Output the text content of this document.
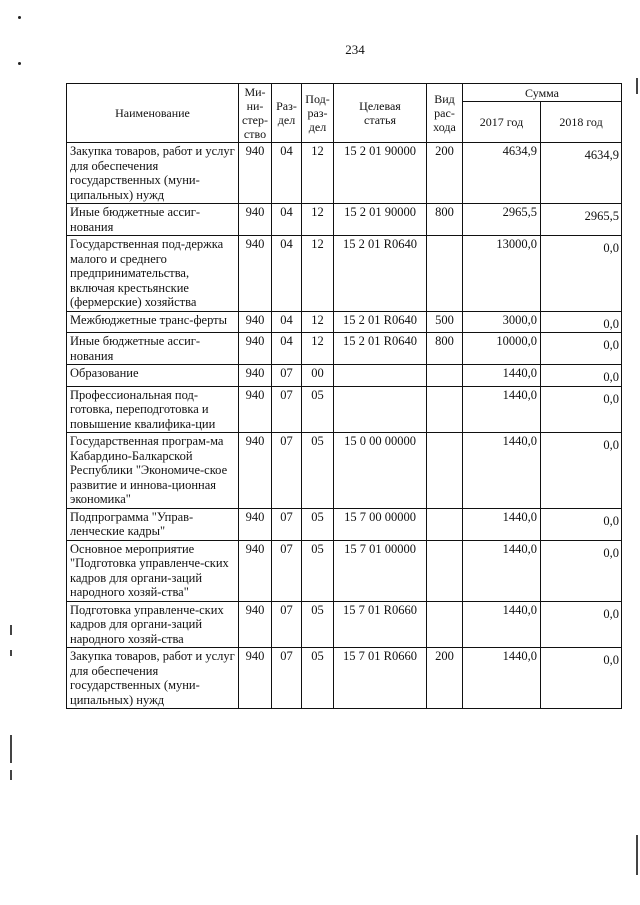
234
Наименование	Ми-
ни-
стер-
ство	Раз-
дел	Под-
раз-
дел	Целевая
статья	Вид
рас-
хода	Сумма	
						2017 год	2018 год
Закупка товаров, работ и услуг для обеспечения государственных (муни-ципальных) нужд	940	04	12	15 2 01 90000	200	4634,9	4634,9
Иные бюджетные ассиг-нования	940	04	12	15 2 01 90000	800	2965,5	2965,5
Государственная под-держка малого и среднего предпринимательства, включая крестьянские (фермерские) хозяйства	940	04	12	15 2 01 R0640		13000,0	0,0
Межбюджетные транс-ферты	940	04	12	15 2 01 R0640	500	3000,0	0,0
Иные бюджетные ассиг-нования	940	04	12	15 2 01 R0640	800	10000,0	0,0
Образование	940	07	00			1440,0	0,0
Профессиональная под-готовка, переподготовка и повышение квалифика-ции	940	07	05			1440,0	0,0
Государственная програм-ма Кабардино-Балкарской Республики "Экономиче-ское развитие и иннова-ционная экономика"	940	07	05	15 0 00 00000		1440,0	0,0
Подпрограмма "Управ-ленческие кадры"	940	07	05	15 7 00 00000		1440,0	0,0
Основное мероприятие "Подготовка управленче-ских кадров для органи-заций народного хозяй-ства"	940	07	05	15 7 01 00000		1440,0	0,0
Подготовка управленче-ских кадров для органи-заций народного хозяй-ства	940	07	05	15 7 01 R0660		1440,0	0,0
Закупка товаров, работ и услуг для обеспечения государственных (муни-ципальных) нужд	940	07	05	15 7 01 R0660	200	1440,0	0,0
